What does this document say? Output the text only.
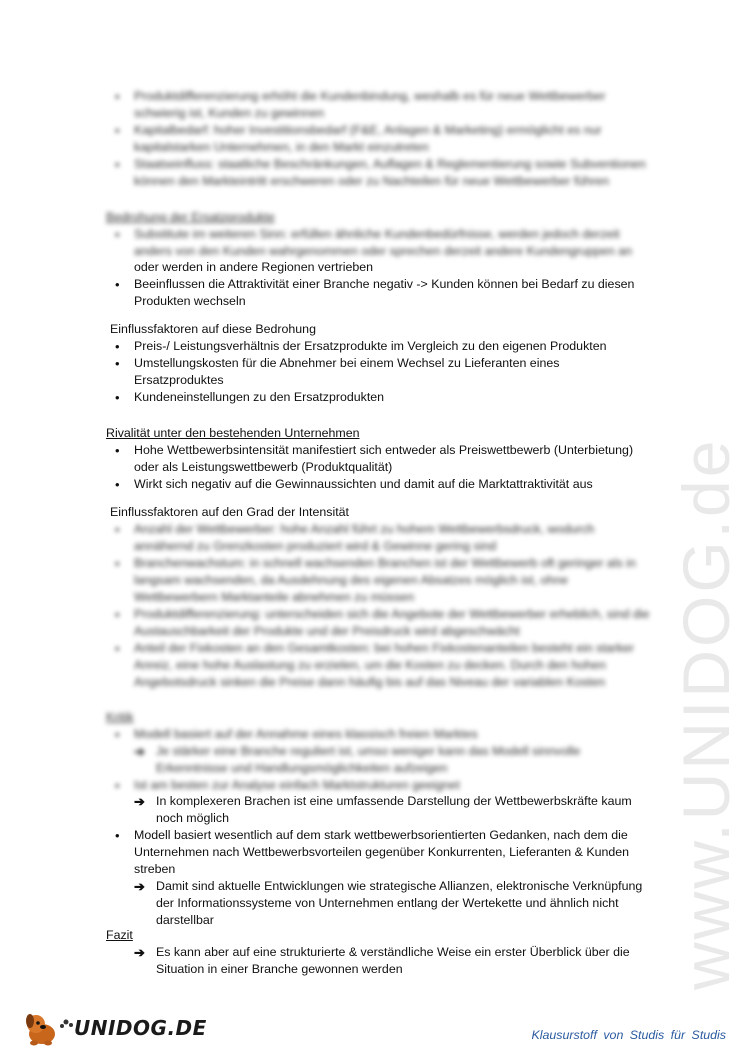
www.UNIDOG.de
• Produktdifferenzierung erhöht die Kundenbindung, weshalb es für neue Wettbewerber schwierig ist, Kunden zu gewinnen
• Kapitalbedarf: hoher Investitionsbedarf (F&E, Anlagen & Marketing) ermöglicht es nur kapitalstarken Unternehmen, in den Markt einzutreten
• Staatseinfluss: staatliche Beschränkungen, Auflagen & Reglementierung sowie Subventionen können den Markteintritt erschweren oder zu Nachteilen für neue Wettbewerber führen
Bedrohung der Ersatzprodukte
• Substitute im weiteren Sinn: erfüllen ähnliche Kundenbedürfnisse, werden jedoch derzeit anders von den Kunden wahrgenommen oder sprechen derzeit andere Kundengruppen an
oder werden in andere Regionen vertrieben
• Beeinflussen die Attraktivität einer Branche negativ -> Kunden können bei Bedarf zu diesen Produkten wechseln
Einflussfaktoren auf diese Bedrohung
• Preis-/ Leistungsverhältnis der Ersatzprodukte im Vergleich zu den eigenen Produkten
• Umstellungskosten für die Abnehmer bei einem Wechsel zu Lieferanten eines Ersatzproduktes
• Kundeneinstellungen zu den Ersatzprodukten
Rivalität unter den bestehenden Unternehmen
• Hohe Wettbewerbsintensität manifestiert sich entweder als Preiswettbewerb (Unterbietung) oder als Leistungswettbewerb (Produktqualität)
• Wirkt sich negativ auf die Gewinnaussichten und damit auf die Marktattraktivität aus
Einflussfaktoren auf den Grad der Intensität
• Anzahl der Wettbewerber: hohe Anzahl führt zu hohem Wettbewerbsdruck, wodurch annähernd zu Grenzkosten produziert wird & Gewinne gering sind
• Branchenwachstum: in schnell wachsenden Branchen ist der Wettbewerb oft geringer als in langsam wachsenden, da Ausdehnung des eigenen Absatzes möglich ist, ohne Wettbewerbern Marktanteile abnehmen zu müssen
• Produktdifferenzierung: unterscheiden sich die Angebote der Wettbewerber erheblich, sind die Austauschbarkeit der Produkte und der Preisdruck wird abgeschwächt
• Anteil der Fixkosten an den Gesamtkosten: bei hohen Fixkostenanteilen besteht ein starker Anreiz, eine hohe Auslastung zu erzielen, um die Kosten zu decken. Durch den hohen Angebotsdruck sinken die Preise dann häufig bis auf das Niveau der variablen Kosten
Kritik
• Modell basiert auf der Annahme eines klassisch freien Marktes
➔ Je stärker eine Branche reguliert ist, umso weniger kann das Modell sinnvolle Erkenntnisse und Handlungsmöglichkeiten aufzeigen
• Ist am besten zur Analyse einfach Marktstrukturen geeignet
➔ In komplexeren Brachen ist eine umfassende Darstellung der Wettbewerbskräfte kaum noch möglich
• Modell basiert wesentlich auf dem stark wettbewerbsorientierten Gedanken, nach dem die Unternehmen nach Wettbewerbsvorteilen gegenüber Konkurrenten, Lieferanten & Kunden streben
➔ Damit sind aktuelle Entwicklungen wie strategische Allianzen, elektronische Verknüpfung der Informationssysteme von Unternehmen entlang der Wertekette und ähnlich nicht darstellbar
Fazit
➔ Es kann aber auf eine strukturierte & verständliche Weise ein erster Überblick über die Situation in einer Branche gewonnen werden
UNIDOG.DE	Klausurstoff von Studis für Studis
